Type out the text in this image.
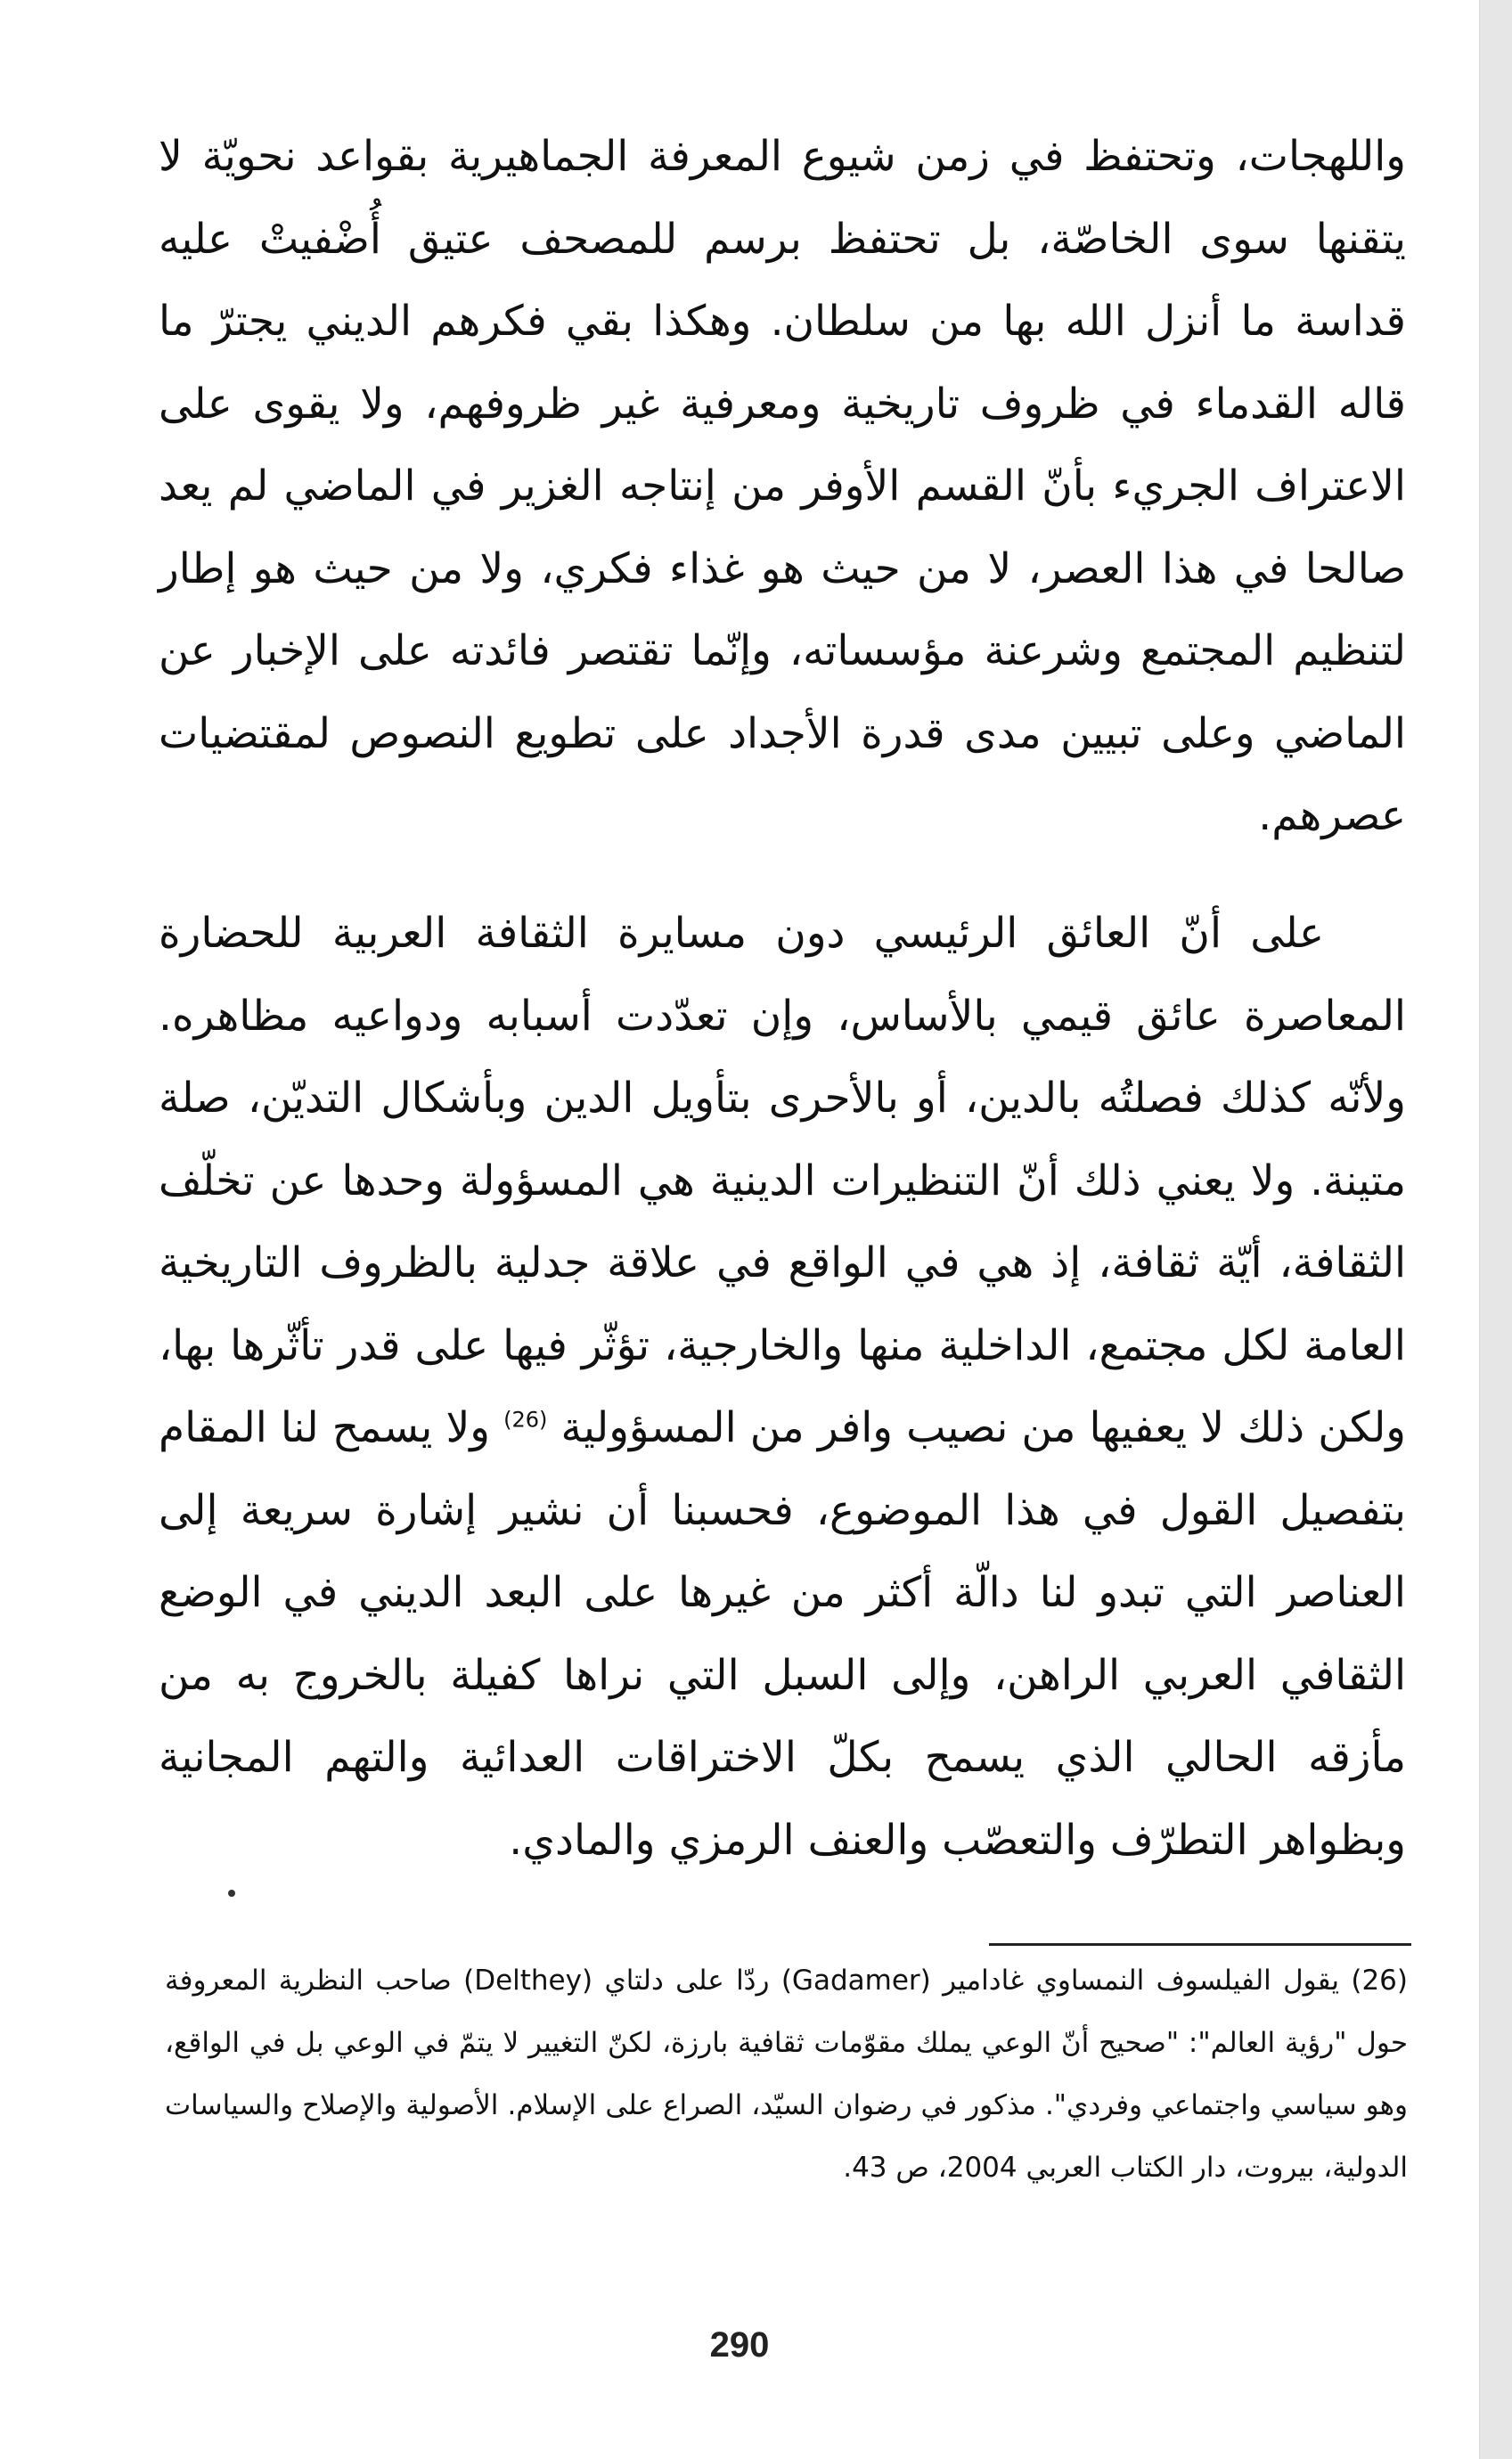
واللهجات، وتحتفظ في زمن شيوع المعرفة الجماهيرية بقواعد نحويّة لا يتقنها سوى الخاصّة، بل تحتفظ برسم للمصحف عتيق أُضْفيتْ عليه قداسة ما أنزل الله بها من سلطان. وهكذا بقي فكرهم الديني يجترّ ما قاله القدماء في ظروف تاريخية ومعرفية غير ظروفهم، ولا يقوى على الاعتراف الجريء بأنّ القسم الأوفر من إنتاجه الغزير في الماضي لم يعد صالحا في هذا العصر، لا من حيث هو غذاء فكري، ولا من حيث هو إطار لتنظيم المجتمع وشرعنة مؤسساته، وإنّما تقتصر فائدته على الإخبار عن الماضي وعلى تبيين مدى قدرة الأجداد على تطويع النصوص لمقتضيات عصرهم.

على أنّ العائق الرئيسي دون مسايرة الثقافة العربية للحضارة المعاصرة عائق قيمي بالأساس، وإن تعدّدت أسبابه ودواعيه مظاهره. ولأنّه كذلك فصلتُه بالدين، أو بالأحرى بتأويل الدين وبأشكال التديّن، صلة متينة. ولا يعني ذلك أنّ التنظيرات الدينية هي المسؤولة وحدها عن تخلّف الثقافة، أيّة ثقافة، إذ هي في الواقع في علاقة جدلية بالظروف التاريخية العامة لكل مجتمع، الداخلية منها والخارجية، تؤثّر فيها على قدر تأثّرها بها، ولكن ذلك لا يعفيها من نصيب وافر من المسؤولية $^{(26)}$ ولا يسمح لنا المقام بتفصيل القول في هذا الموضوع، فحسبنا أن نشير إشارة سريعة إلى العناصر التي تبدو لنا دالّة أكثر من غيرها على البعد الديني في الوضع الثقافي العربي الراهن، وإلى السبل التي نراها كفيلة بالخروج به من مأزقه الحالي الذي يسمح بكلّ الاختراقات العدائية والتهم المجانية وبظواهر التطرّف والتعصّب والعنف الرمزي والمادي.

(26) يقول الفيلسوف النمساوي غادامير (Gadamer) ردّا على دلتاي (Delthey) صاحب النظرية المعروفة حول "رؤية العالم": "صحيح أنّ الوعي يملك مقوّمات ثقافية بارزة، لكنّ التغيير لا يتمّ في الوعي بل في الواقع، وهو سياسي واجتماعي وفردي". مذكور في رضوان السيّد، الصراع على الإسلام. الأصولية والإصلاح والسياسات الدولية، بيروت، دار الكتاب العربي 2004، ص 43.

290
